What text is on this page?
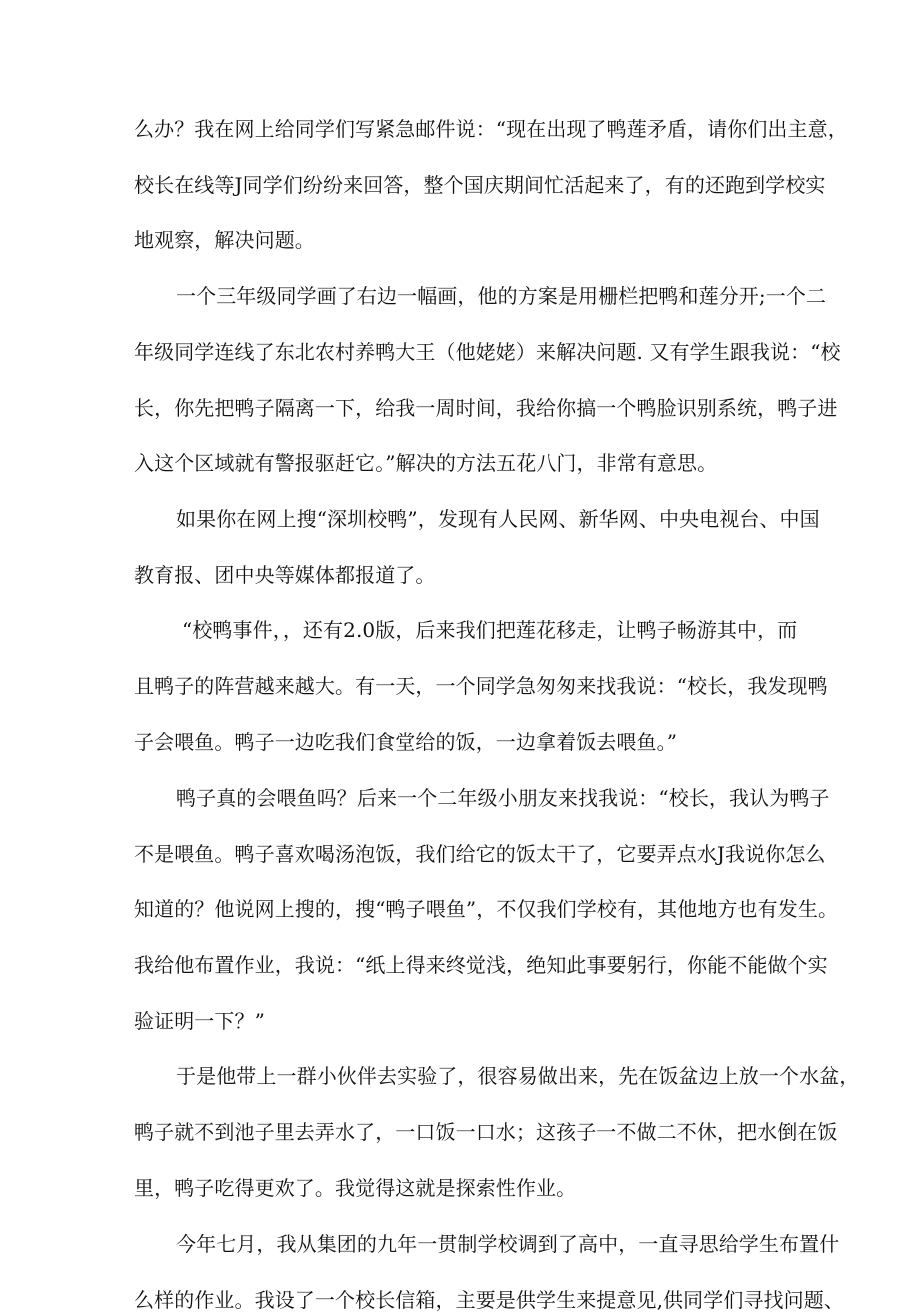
么办？我在网上给同学们写紧急邮件说：“现在出现了鸭莲矛盾，请你们出主意，
校长在线等J同学们纷纷来回答，整个国庆期间忙活起来了，有的还跑到学校实
地观察，解决问题。
一个三年级同学画了右边一幅画，他的方案是用栅栏把鸭和莲分开;一个二
年级同学连线了东北农村养鸭大王（他姥姥）来解决问题. 又有学生跟我说：“校
长，你先把鸭子隔离一下，给我一周时间，我给你搞一个鸭脸识别系统，鸭子进
入这个区域就有警报驱赶它。”解决的方法五花八门，非常有意思。
如果你在网上搜“深圳校鸭”，发现有人民网、新华网、中央电视台、中国
教育报、团中央等媒体都报道了。
“校鸭事件，，还有2.0版，后来我们把莲花移走，让鸭子畅游其中，而
且鸭子的阵营越来越大。有一天，一个同学急匆匆来找我说：“校长，我发现鸭
子会喂鱼。鸭子一边吃我们食堂给的饭，一边拿着饭去喂鱼。”
鸭子真的会喂鱼吗？后来一个二年级小朋友来找我说：“校长，我认为鸭子
不是喂鱼。鸭子喜欢喝汤泡饭，我们给它的饭太干了，它要弄点水J我说你怎么
知道的？他说网上搜的，搜“鸭子喂鱼”，不仅我们学校有，其他地方也有发生。
我给他布置作业，我说：“纸上得来终觉浅，绝知此事要躬行，你能不能做个实
验证明一下？”
于是他带上一群小伙伴去实验了，很容易做出来，先在饭盆边上放一个水盆，
鸭子就不到池子里去弄水了，一口饭一口水；这孩子一不做二不休，把水倒在饭
里，鸭子吃得更欢了。我觉得这就是探索性作业。
今年七月，我从集团的九年一贯制学校调到了高中，一直寻思给学生布置什
么样的作业。我设了一个校长信箱，主要是供学生来提意见,供同学们寻找问题、
